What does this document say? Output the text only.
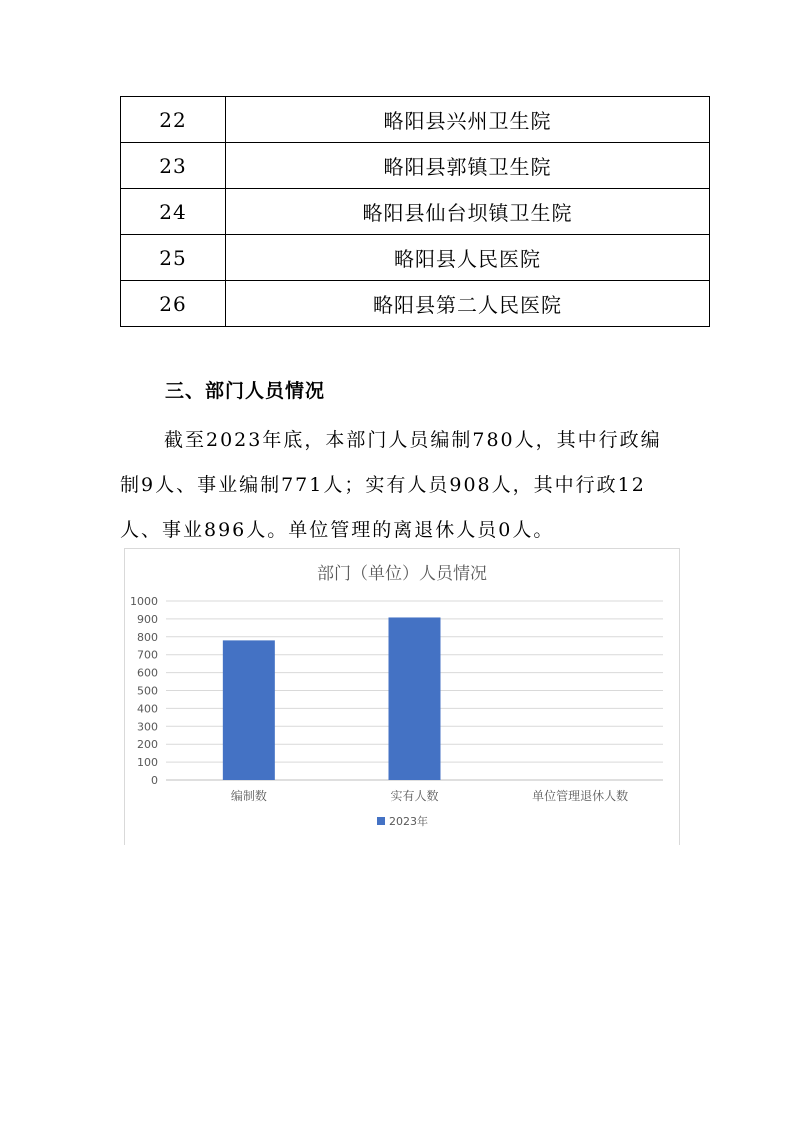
22	略阳县兴州卫生院
23	略阳县郭镇卫生院
24	略阳县仙台坝镇卫生院
25	略阳县人民医院
26	略阳县第二人民医院
三、部门人员情况

截至2023年底，本部门人员编制780人，其中行政编制9人、事业编制771人；实有人员908人，其中行政12人、事业896人。单位管理的离退休人员0人。

部门（单位）人员情况
0
100
200
300
400
500
600
700
800
900
1000
编制数	实有人数	单位管理退休人数
2023年
